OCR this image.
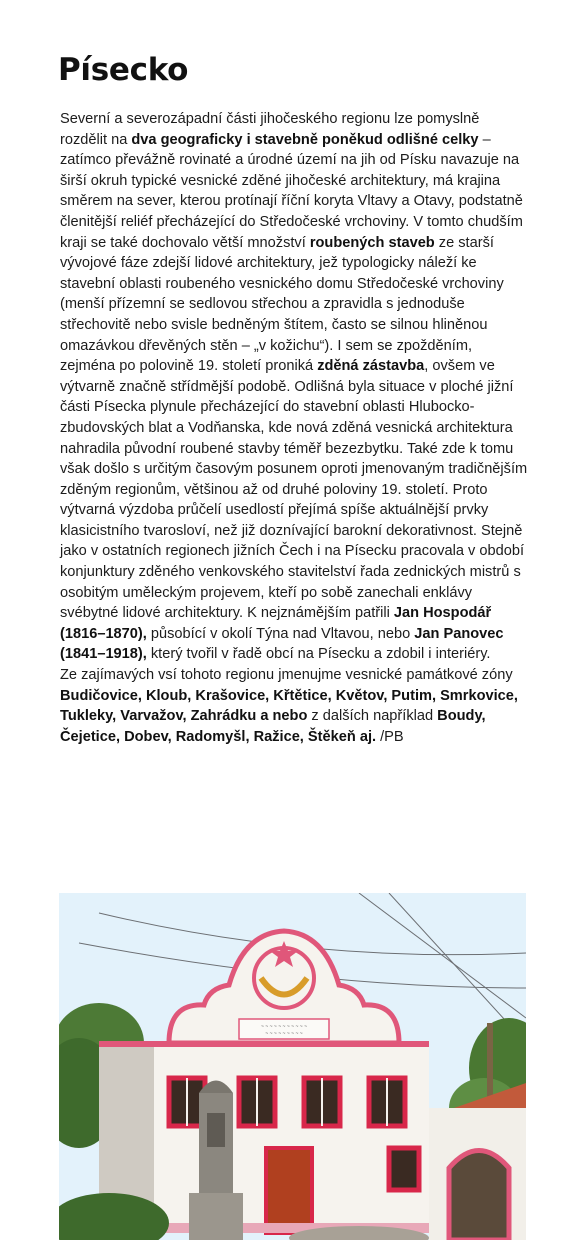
Písecko

Severní a severozápadní části jihočeského regionu lze pomyslně rozdělit na dva geograficky i stavebně poněkud odlišné celky – zatímco převážně rovinaté a úrodné území na jih od Písku navazuje na širší okruh typické vesnické zděné jihočeské architektury, má krajina směrem na sever, kterou protínají říční koryta Vltavy a Otavy, podstatně členitější reliéf přecházející do Středočeské vrchoviny. V tomto chudším kraji se také dochovalo větší množství roubených staveb ze starší vývojové fáze zdejší lidové architektury, jež typologicky náleží ke stavební oblasti roubeného vesnického domu Středočeské vrchoviny (menší přízemní se sedlovou střechou a zpravidla s jednoduše střechovitě nebo svisle bedněným štítem, často se silnou hliněnou omazávkou dřevěných stěn – „v kožichu“). I sem se zpožděním, zejména po polovině 19. století proniká zděná zástavba, ovšem ve výtvarně značně střídmější podobě. Odlišná byla situace v ploché jižní části Písecka plynule přecházející do stavební oblasti Hlubocko-zbudovských blat a Vodňanska, kde nová zděná vesnická architektura nahradila původní roubené stavby téměř bezezbytku. Také zde k tomu však došlo s určitým časovým posunem oproti jmenovaným tradičnějším zděným regionům, většinou až od druhé poloviny 19. století. Proto výtvarná výzdoba průčelí usedlostí přejímá spíše aktuálnější prvky klasicistního tvarosloví, než již doznívající barokní dekorativnost. Stejně jako v ostatních regionech jižních Čech i na Písecku pracovala v období konjunktury zděného venkovského stavitelství řada zednických mistrů s osobitým uměleckým projevem, kteří po sobě zanechali enklávy svébytné lidové architektury. K nejznámějším patřili Jan Hospodář (1816–1870), působící v okolí Týna nad Vltavou, nebo Jan Panovec (1841–1918), který tvořil v řadě obcí na Písecku a zdobil i interiéry.

Ze zajímavých vsí tohoto regionu jmenujme vesnické památkové zóny Budičovice, Kloub, Krašovice, Křtětice, Květov, Putim, Smrkovice, Tukleky, Varvažov, Zahrádku a nebo z dalších například Boudy, Čejetice, Dobev, Radomyšl, Ražice, Štěkeň aj. /PB

~ ~ ~ ~ ~ ~ ~ ~ ~ ~ ~
~ ~ ~ ~ ~ ~ ~ ~ ~
